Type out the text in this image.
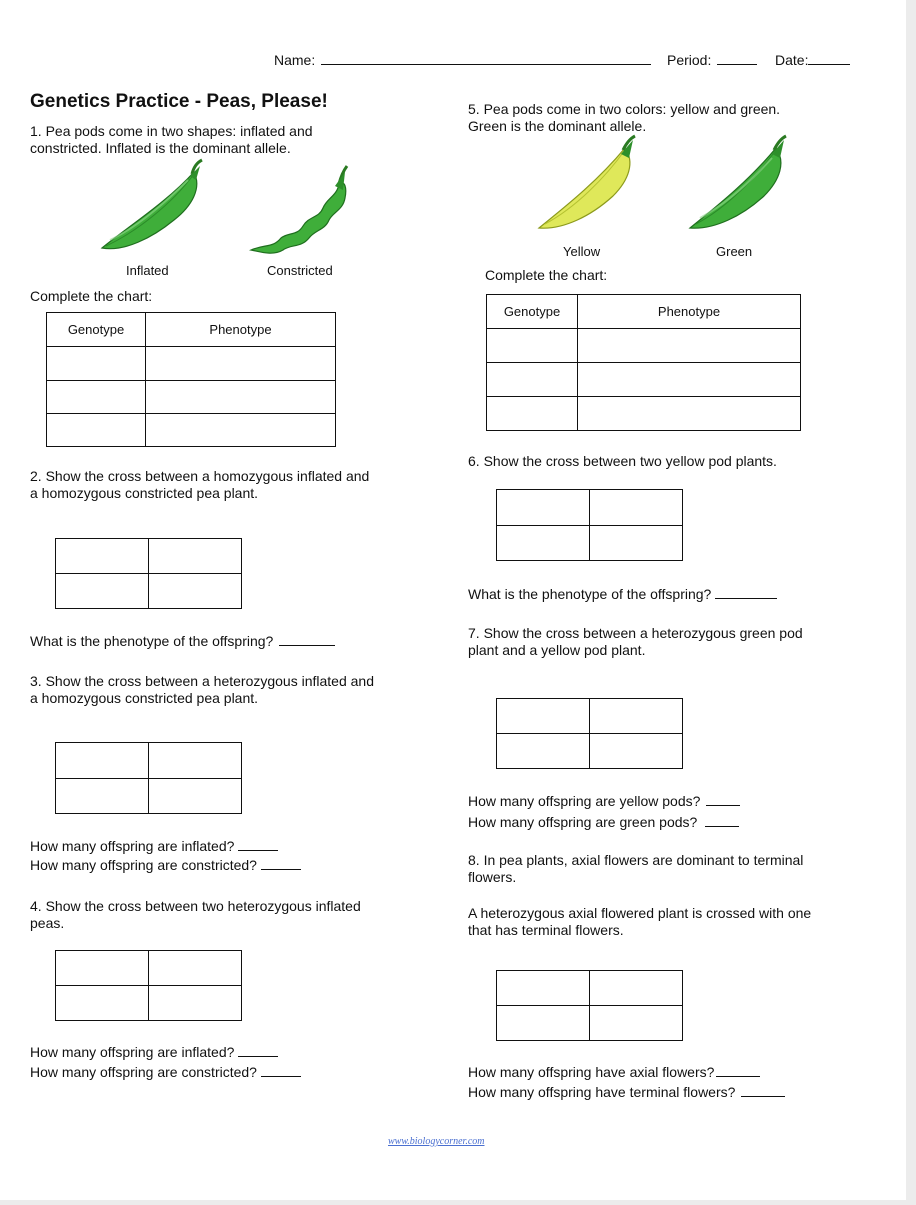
Name:	Period:	Date:
Genetics Practice - Peas, Please!
1. Pea pods come in two shapes: inflated and
constricted. Inflated is the dominant allele.
Inflated	Constricted
Complete the chart:
Genotype	Phenotype

2. Show the cross between a homozygous inflated and
a homozygous constricted pea plant.
What is the phenotype of the offspring?
3. Show the cross between a heterozygous inflated and
a homozygous constricted pea plant.
How many offspring are inflated?
How many offspring are constricted?
4. Show the cross between two heterozygous inflated
peas.
How many offspring are inflated?
How many offspring are constricted?
5. Pea pods come in two colors: yellow and green.
Green is the dominant allele.
Yellow	Green
Complete the chart:
Genotype	Phenotype

6. Show the cross between two yellow pod plants.
What is the phenotype of the offspring?
7. Show the cross between a heterozygous green pod
plant and a yellow pod plant.
How many offspring are yellow pods?
How many offspring are green pods?
8. In pea plants, axial flowers are dominant to terminal
flowers.
A heterozygous axial flowered plant is crossed with one
that has terminal flowers.
How many offspring have axial flowers?
How many offspring have terminal flowers?
www.biologycorner.com
